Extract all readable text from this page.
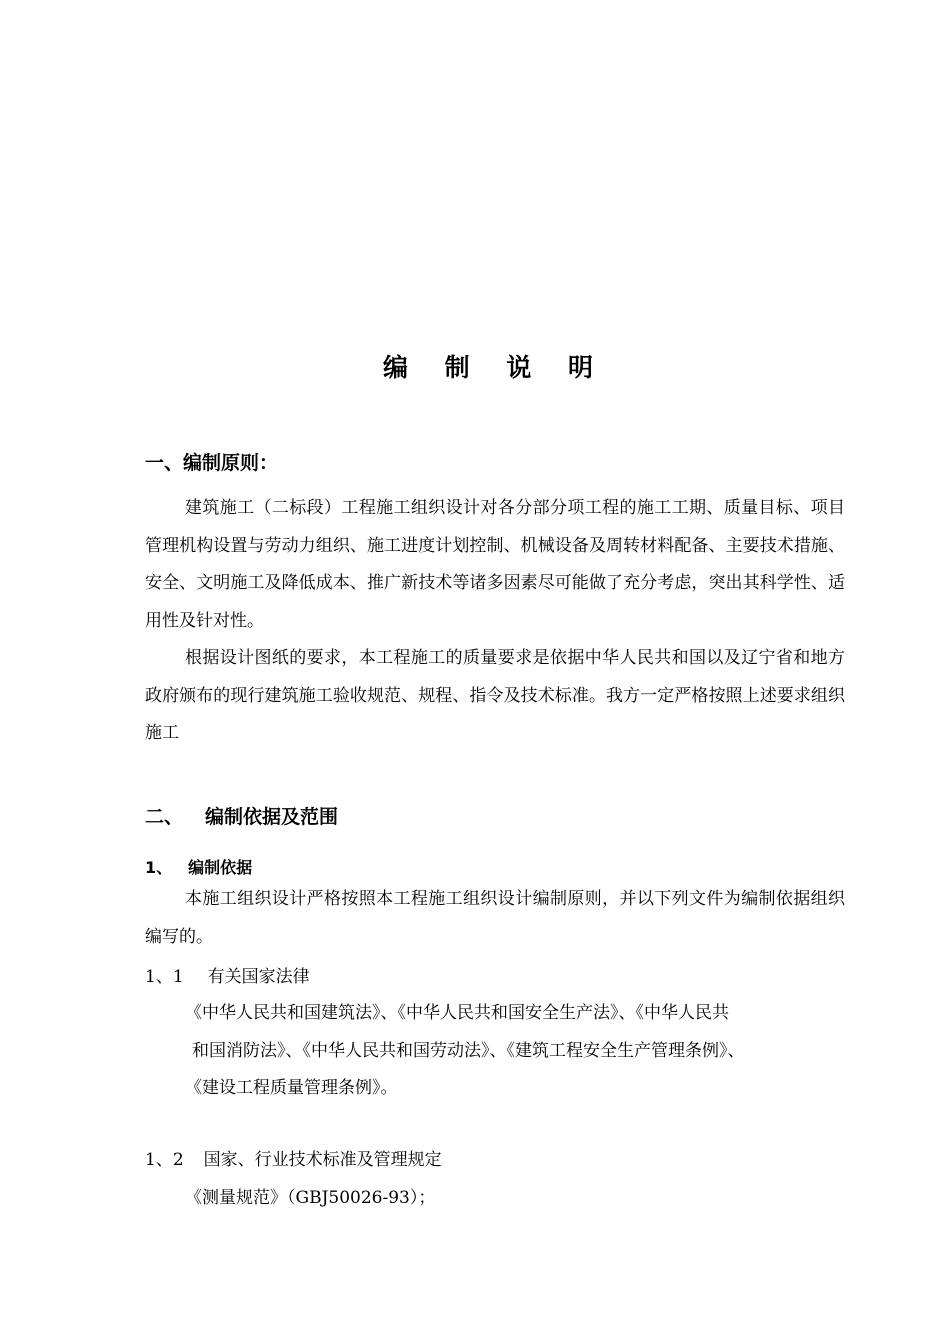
编 制 说 明
一、编制原则：

建筑施工（二标段）工程施工组织设计对各分部分项工程的施工工期、质量目标、项目管理机构设置与劳动力组织、施工进度计划控制、机械设备及周转材料配备、主要技术措施、安全、文明施工及降低成本、推广新技术等诸多因素尽可能做了充分考虑，突出其科学性、适用性及针对性。

根据设计图纸的要求，本工程施工的质量要求是依据中华人民共和国以及辽宁省和地方政府颁布的现行建筑施工验收规范、规程、指令及技术标准。我方一定严格按照上述要求组织施工

二、 编制依据及范围
1、 编制依据

本施工组织设计严格按照本工程施工组织设计编制原则，并以下列文件为编制依据组织编写的。

1、1 有关国家法律
《中华人民共和国建筑法》、《中华人民共和国安全生产法》、《中华人民共
和国消防法》、《中华人民共和国劳动法》、《建筑工程安全生产管理条例》、
《建设工程质量管理条例》。
1、2 国家、行业技术标准及管理规定
《测量规范》（GBJ50026-93）；
